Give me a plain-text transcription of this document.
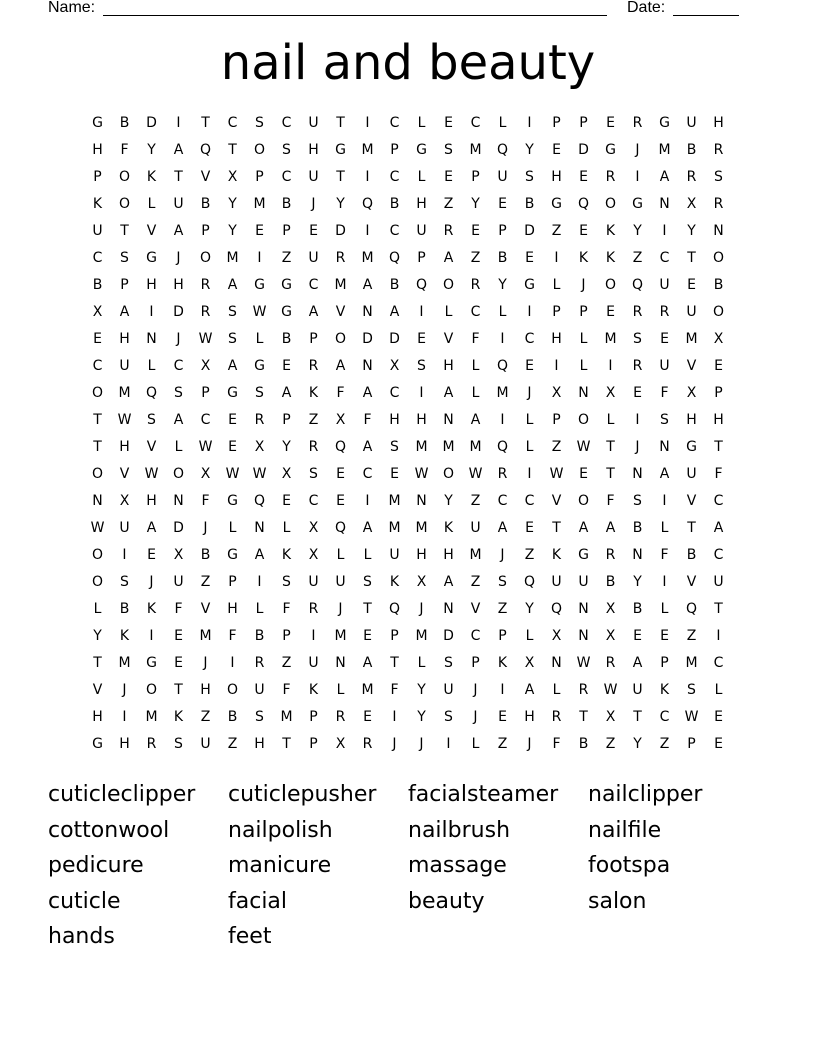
Name:	Date:
nail and beauty
G	B	D	I	T	C	S	C	U	T	I	C	L	E	C	L	I	P	P	E	R	G	U	H
H	F	Y	A	Q	T	O	S	H	G	M	P	G	S	M	Q	Y	E	D	G	J	M	B	R
P	O	K	T	V	X	P	C	U	T	I	C	L	E	P	U	S	H	E	R	I	A	R	S
K	O	L	U	B	Y	M	B	J	Y	Q	B	H	Z	Y	E	B	G	Q	O	G	N	X	R
U	T	V	A	P	Y	E	P	E	D	I	C	U	R	E	P	D	Z	E	K	Y	I	Y	N
C	S	G	J	O	M	I	Z	U	R	M	Q	P	A	Z	B	E	I	K	K	Z	C	T	O
B	P	H	H	R	A	G	G	C	M	A	B	Q	O	R	Y	G	L	J	O	Q	U	E	B
X	A	I	D	R	S	W	G	A	V	N	A	I	L	C	L	I	P	P	E	R	R	U	O
E	H	N	J	W	S	L	B	P	O	D	D	E	V	F	I	C	H	L	M	S	E	M	X
C	U	L	C	X	A	G	E	R	A	N	X	S	H	L	Q	E	I	L	I	R	U	V	E
O	M	Q	S	P	G	S	A	K	F	A	C	I	A	L	M	J	X	N	X	E	F	X	P
T	W	S	A	C	E	R	P	Z	X	F	H	H	N	A	I	L	P	O	L	I	S	H	H
T	H	V	L	W	E	X	Y	R	Q	A	S	M	M	M	Q	L	Z	W	T	J	N	G	T
O	V	W	O	X	W W	X	S	E	C	E	W	O	W	R	I	W	E	T	N	A	U	F
N	X	H	N	F	G	Q	E	C	E	I	M	N	Y	Z	C	C	V	O	F	S	I	V	C
W	U	A	D	J	L	N	L	X	Q	A	M	M	K	U	A	E	T	A	A	B	L	T	A
O	I	E	X	B	G	A	K	X	L	L	U	H	H	M	J	Z	K	G	R	N	F	B	C
O	S	J	U	Z	P	I	S	U	U	S	K	X	A	Z	S	Q	U	U	B	Y	I	V	U
L	B	K	F	V	H	L	F	R	J	T	Q	J	N	V	Z	Y	Q	N	X	B	L	Q	T
Y	K	I	E	M	F	B	P	I	M	E	P	M	D	C	P	L	X	N	X	E	E	Z	I
T	M	G	E	J	I	R	Z	U	N	A	T	L	S	P	K	X	N	W	R	A	P	M	C
V	J	O	T	H	O	U	F	K	L	M	F	Y	U	J	I	A	L	R	W	U	K	S	L
H	I	M	K	Z	B	S	M	P	R	E	I	Y	S	J	E	H	R	T	X	T	C	W	E
G	H	R	S	U	Z	H	T	P	X	R	J	J	I	L	Z	J	F	B	Z	Y	Z	P	E
cuticleclipper	cuticlepusher	facialsteamer	nailclipper
cottonwool	nailpolish	nailbrush	nailfile
pedicure	manicure	massage	footspa
cuticle	facial	beauty	salon
hands	feet
